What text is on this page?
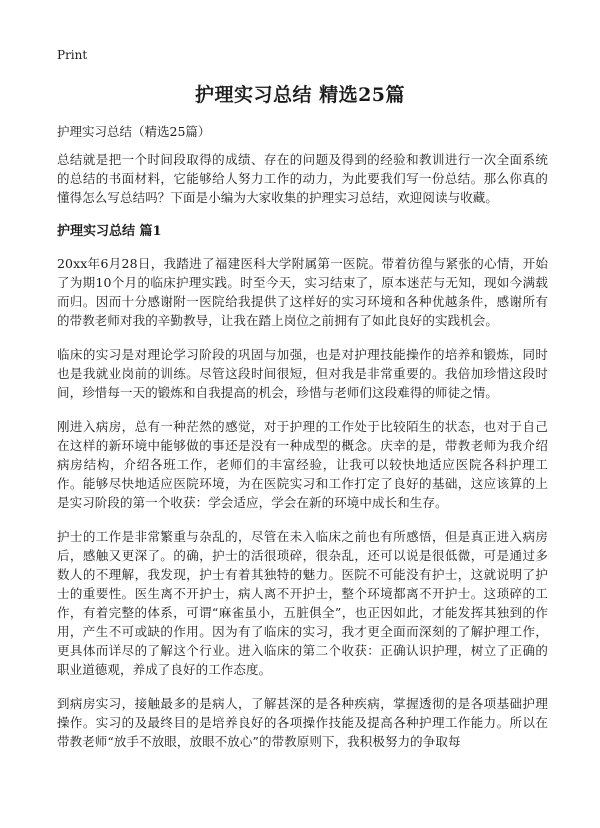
Print
护理实习总结 精选25篇

护理实习总结（精选25篇）

总结就是把一个时间段取得的成绩、存在的问题及得到的经验和教训进行一次全面系统的总结的书面材料，它能够给人努力工作的动力，为此要我们写一份总结。那么你真的懂得怎么写总结吗？下面是小编为大家收集的护理实习总结，欢迎阅读与收藏。

护理实习总结 篇1

20xx年6月28日，我踏进了福建医科大学附属第一医院。带着彷徨与紧张的心情，开始了为期10个月的临床护理实践。时至今天，实习结束了，原本迷茫与无知，现如今满载而归。因而十分感谢附一医院给我提供了这样好的实习环境和各种优越条件，感谢所有的带教老师对我的辛勤教导，让我在踏上岗位之前拥有了如此良好的实践机会。

临床的实习是对理论学习阶段的巩固与加强，也是对护理技能操作的培养和锻炼，同时也是我就业岗前的训练。尽管这段时间很短，但对我是非常重要的。我倍加珍惜这段时间，珍惜每一天的锻炼和自我提高的机会，珍惜与老师们这段难得的师徒之情。

刚进入病房，总有一种茫然的感觉，对于护理的工作处于比较陌生的状态，也对于自己在这样的新环境中能够做的事还是没有一种成型的概念。庆幸的是，带教老师为我介绍病房结构，介绍各班工作，老师们的丰富经验，让我可以较快地适应医院各科护理工作。能够尽快地适应医院环境，为在医院实习和工作打定了良好的基础，这应该算的上是实习阶段的第一个收获：学会适应，学会在新的环境中成长和生存。

护士的工作是非常繁重与杂乱的，尽管在未入临床之前也有所感悟，但是真正进入病房后，感触又更深了。的确，护士的活很琐碎，很杂乱，还可以说是很低微，可是通过多数人的不理解，我发现，护士有着其独特的魅力。医院不可能没有护士，这就说明了护士的重要性。医生离不开护士，病人离不开护士，整个环境都离不开护士。这琐碎的工作，有着完整的体系，可谓“麻雀虽小，五脏俱全”，也正因如此，才能发挥其独到的作用，产生不可或缺的作用。因为有了临床的实习，我才更全面而深刻的了解护理工作，更具体而详尽的了解这个行业。进入临床的第二个收获：正确认识护理，树立了正确的职业道德观，养成了良好的工作态度。

到病房实习，接触最多的是病人，了解甚深的是各种疾病，掌握透彻的是各项基础护理操作。实习的及最终目的是培养良好的各项操作技能及提高各种护理工作能力。所以在带教老师“放手不放眼，放眼不放心”的带教原则下，我积极努力的争取每
